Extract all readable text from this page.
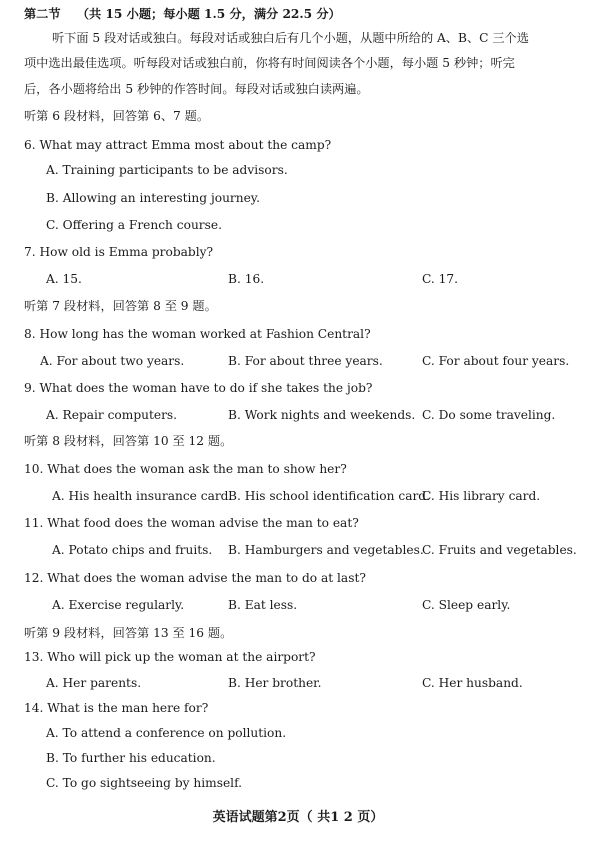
第二节 （共 15 小题；每小题 1.5 分，满分 22.5 分）
听下面 5 段对话或独白。每段对话或独白后有几个小题，从题中所给的 A、B、C 三个选
项中选出最佳选项。听每段对话或独白前，你将有时间阅读各个小题，每小题 5 秒钟；听完
后，各小题将给出 5 秒钟的作答时间。每段对话或独白读两遍。
听第 6 段材料，回答第 6、7 题。
6. What may attract Emma most about the camp?
A. Training participants to be advisors.
B. Allowing an interesting journey.
C. Offering a French course.
7. How old is Emma probably?
A. 15.	B. 16.	C. 17.
听第 7 段材料，回答第 8 至 9 题。
8. How long has the woman worked at Fashion Central?
A. For about two years.	B. For about three years.	C. For about four years.
9. What does the woman have to do if she takes the job?
A. Repair computers.	B. Work nights and weekends. C. Do some traveling.
听第 8 段材料，回答第 10 至 12 题。
10. What does the woman ask the man to show her?
A. His health insurance card.
B. His school identification card.
C. His library card.
11. What food does the woman advise the man to eat?
A. Potato chips and fruits. B. Hamburgers and vegetables.
C. Fruits and vegetables.
12. What does the woman advise the man to do at last?
A. Exercise regularly.	B. Eat less.	C. Sleep early.
听第 9 段材料，回答第 13 至 16 题。
13. Who will pick up the woman at the airport?
A. Her parents.	B. Her brother.	C. Her husband.
14. What is the man here for?
A. To attend a conference on pollution.
B. To further his education.
C. To go sightseeing by himself.
英语试题第2页（ 共1 2 页）
